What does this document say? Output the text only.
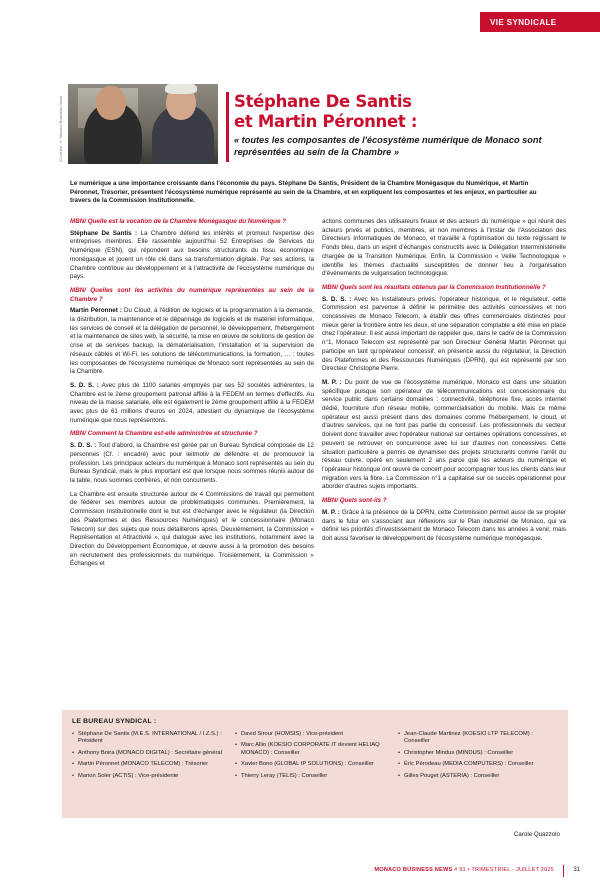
VIE SYNDICALE
Ci-contre © Monaco Business News	Stéphane De Santis
et Martin Péronnet :
« toutes les composantes de l'écosystème numérique de Monaco sont représentées au sein de la Chambre »
Le numérique a une importance croissante dans l'économie du pays. Stéphane De Santis, Président de la Chambre Monégasque du Numérique, et Martin Péronnet, Trésorier, présentent l'écosystème numérique représenté au sein de la Chambre, et en expliquent les composantes et les enjeux, en particulier au travers de la Commission Institutionnelle.
MBN/ Quelle est la vocation de la Chambre Monégasque du Numérique ?
Stéphane De Santis : La Chambre défend les intérêts et promeut l'expertise des entreprises membres. Elle rassemble aujourd'hui 52 Entreprises de Services du Numérique (ESN), qui répondent aux besoins structurants du tissu économique monégasque et jouent un rôle clé dans sa transformation digitale. Par ses actions, la Chambre contribue au développement et à l'attractivité de l'écosystème numérique du pays.
MBN/ Quelles sont les activités du numérique représentées au sein de la Chambre ?
Martin Péronnet : Du Cloud, à l'édition de logiciels et la programmation à la demande, la distribution, la maintenance et le dépannage de logiciels et de matériel informatique, les services de conseil et la délégation de personnel, le développement, l'hébergement et la maintenance de sites web, la sécurité, la mise en œuvre de solutions de gestion de crise et de services backup, la dématérialisation, l'installation et la supervision de réseaux câblés et Wi-Fi, les solutions de télécommunications, la formation, … : toutes les composantes de l'écosystème numérique de Monaco sont représentées au sein de la Chambre.
S. D. S. : Avec plus de 1100 salariés employés par ses 52 sociétés adhérentes, la Chambre est le 2ème groupement patronal affilié à la FEDEM en termes d'effectifs. Au niveau de la masse salariale, elle est également le 2ème groupement affilié à la FEDEM avec plus de 61 millions d'euros en 2024, attestant du dynamique de l'écosystème numérique que nous représentons.
MBN/ Comment la Chambre est-elle administrée et structurée ?
S. D. S. : Tout d'abord, la Chambre est gérée par un Bureau Syndical composée de 12 personnes (Cf. : encadré) avec pour leitmotiv de défendre et de promouvoir la profession. Les principaux acteurs du numérique à Monaco sont représentés au sein du Bureau Syndical, mais le plus important est que lorsque nous sommes réunis autour de la table, nous sommes confrères, et non concurrents.
La Chambre est ensuite structurée autour de 4 Commissions de travail qui permettent de fédérer ses membres autour de problématiques communes. Premièrement, la Commission Institutionnelle dont le but est d'échanger avec le régulateur (la Direction des Plateformes et des Ressources Numériques) et le concessionnaire (Monaco Telecom) sur des sujets que nous détaillerons après. Deuxièmement, la Commission « Représentation et Attractivité », qui dialogue avec les institutions, notamment avec la Direction du Développement Économique, et œuvre aussi à la promotion des besoins en recrutement des professionnels du numérique. Troisièmement, la Commission « Échanges et
actions communes des utilisateurs finaux et des acteurs du numérique » qui réunit des acteurs privés et publics, membres, et non membres à l'instar de l'Association des Directeurs Informatiques de Monaco, et travaille à l'optimisation du texte régissant le Fonds bleu, dans un esprit d'échanges constructifs avec la Délégation Interministérielle chargée de la Transition Numérique. Enfin, la Commission « Veille Technologique » identifie les thèmes d'actualité susceptibles de donner lieu à l'organisation d'événements de vulgarisation technologique.
MBN/ Quels sont les résultats obtenus par la Commission Institutionnelle ?
S. D. S. : Avec les installateurs privés, l'opérateur historique, et le régulateur, cette Commission est parvenue à définir le périmètre des activités concessives et non concessives de Monaco Telecom, à établir des offres commerciales distinctes pour mieux gérer la frontière entre les deux, et une séparation comptable a été mise en place chez l'opérateur. Il est aussi important de rappeler que, dans le cadre de la Commission n°1, Monaco Telecom est représenté par son Directeur Général Martin Péronnet qui participe en tant qu'opérateur concessif, en présence aussi du régulateur, la Direction des Plateformes et des Ressources Numériques (DPRN), qui est représenté par son Directeur Christophe Pierre.
M. P. : Du point de vue de l'écosystème numérique, Monaco est dans une situation spécifique puisque son opérateur de télécommunications est concessionnaire du service public dans certains domaines : connectivité, téléphonie fixe, accès internet dédié, fourniture d'un réseau mobile, commercialisation du mobile. Mais ce même opérateur est aussi présent dans des domaines comme l'hébergement, le cloud, et d'autres services, qui ne font pas partie du concessif. Les professionnels du secteur doivent donc travailler avec l'opérateur national sur certaines opérations concessives, et peuvent se retrouver en concurrence avec lui sur d'autres non concessives. Cette situation particulière a permis de dynamiser des projets structurants comme l'arrêt du réseau cuivre, opéré en seulement 2 ans parce que les acteurs du numérique et l'opérateur historique ont œuvré de concert pour accompagner tous les clients dans leur migration vers la fibre. La Commission n°1 a capitalisé sur ce succès opérationnel pour aborder d'autres sujets importants.
MBN/ Quels sont-ils ?
M. P. : Grâce à la présence de la DPRN, cette Commission permet aussi de se projeter dans le futur en s'associant aux réflexions sur le Plan industriel de Monaco, qui va définir les priorités d'investissement de Monaco Telecom dans les années à venir, mais doit aussi favoriser le développement de l'écosystème numérique monégasque.
LE BUREAU SYNDICAL :
• Stéphane De Santis (M.E.S. INTERNATIONAL / I.Z.S.) : Président
• Anthony Boira (MONACO DIGITAL) : Secrétaire général
• Martin Péronnet (MONACO TELECOM) : Trésorier
• Marion Soler (ACTIS) : Vice-présidente
• David Sirour (HOMSIS) : Vice-président
• Marc Allio (KOESIO CORPORATE IT devient HELIAQ MONACO) : Conseiller
• Xavier Bono (GLOBAL IP SOLUTIONS) : Conseiller
• Thierry Leray (TELIS) : Conseiller
• Jean-Claude Martinez (KOESIO LTP TELECOM) : Conseiller
• Christopher Mindus (MINDUS) : Conseiller
• Éric Pérodeau (MEDIA COMPUTERS) : Conseiller
• Gilles Pouget (ASTERIA) : Conseiller
Carole Quazzolo
MONACO BUSINESS NEWS # 91 • TRIMESTRIEL - JUILLET 2025	31
